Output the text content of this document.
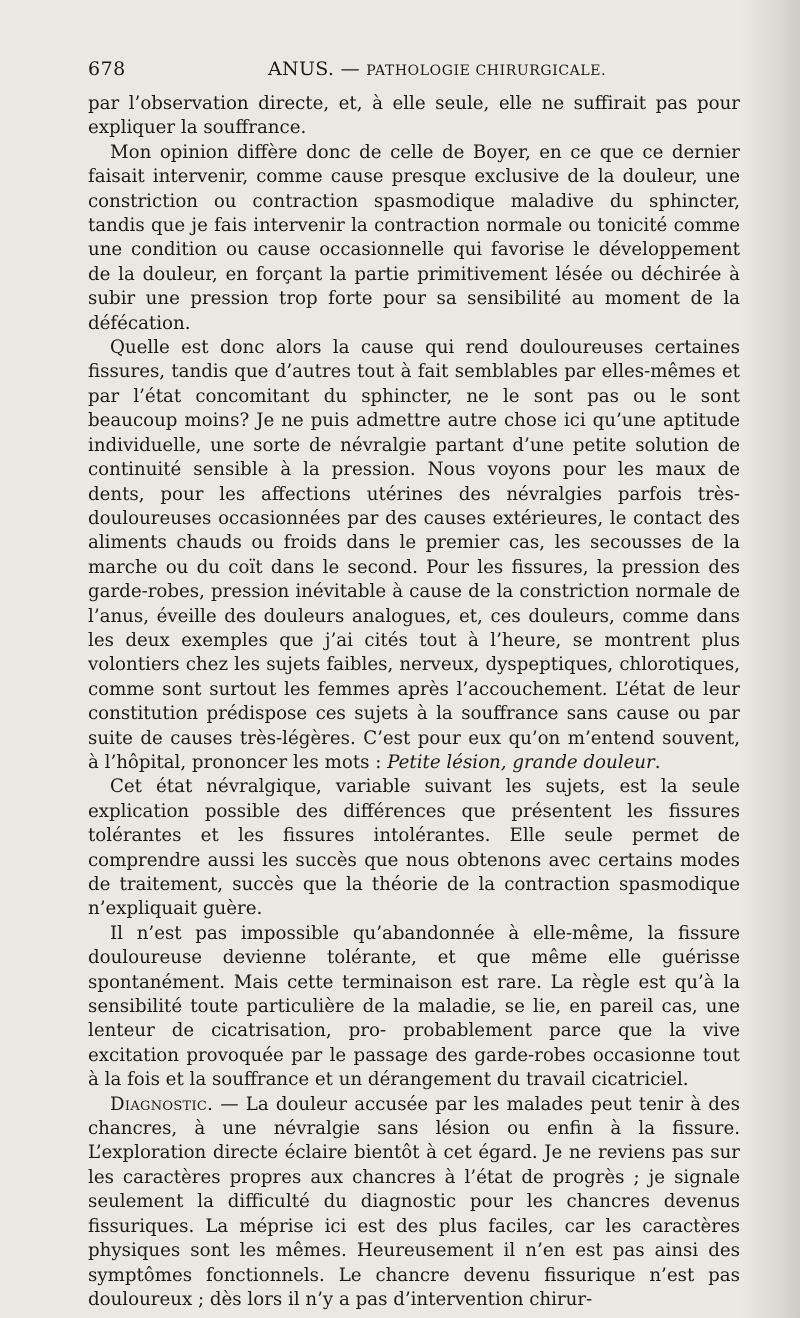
678	ANUS. — PATHOLOGIE CHIRURGICALE.

par l’observation directe, et, à elle seule, elle ne suffirait pas pour expliquer la souffrance.

Mon opinion diffère donc de celle de Boyer, en ce que ce dernier faisait intervenir, comme cause presque exclusive de la douleur, une constriction ou contraction spasmodique maladive du sphincter, tandis que je fais intervenir la contraction normale ou tonicité comme une condition ou cause occasionnelle qui favorise le développement de la douleur, en forçant la partie primitivement lésée ou déchirée à subir une pression trop forte pour sa sensibilité au moment de la défécation.

Quelle est donc alors la cause qui rend douloureuses certaines fissures, tandis que d’autres tout à fait semblables par elles-mêmes et par l’état concomitant du sphincter, ne le sont pas ou le sont beaucoup moins? Je ne puis admettre autre chose ici qu’une aptitude individuelle, une sorte de névralgie partant d’une petite solution de continuité sensible à la pression. Nous voyons pour les maux de dents, pour les affections utérines des névralgies parfois très-douloureuses occasionnées par des causes extérieures, le contact des aliments chauds ou froids dans le premier cas, les secousses de la marche ou du coït dans le second. Pour les fissures, la pression des garde-robes, pression inévitable à cause de la constriction normale de l’anus, éveille des douleurs analogues, et, ces douleurs, comme dans les deux exemples que j’ai cités tout à l’heure, se montrent plus volontiers chez les sujets faibles, nerveux, dyspeptiques, chlorotiques, comme sont surtout les femmes après l’accouchement. L’état de leur constitution prédispose ces sujets à la souffrance sans cause ou par suite de causes très-légères. C’est pour eux qu’on m’entend souvent, à l’hôpital, prononcer les mots : Petite lésion, grande douleur.

Cet état névralgique, variable suivant les sujets, est la seule explication possible des différences que présentent les fissures tolérantes et les fissures intolérantes. Elle seule permet de comprendre aussi les succès que nous obtenons avec certains modes de traitement, succès que la théorie de la contraction spasmodique n’expliquait guère.

Il n’est pas impossible qu’abandonnée à elle-même, la fissure douloureuse devienne tolérante, et que même elle guérisse spontanément. Mais cette terminaison est rare. La règle est qu’à la sensibilité toute particulière de la maladie, se lie, en pareil cas, une lenteur de cicatrisation, pro- probablement parce que la vive excitation provoquée par le passage des garde-robes occasionne tout à la fois et la souffrance et un dérangement du travail cicatriciel.

Diagnostic. — La douleur accusée par les malades peut tenir à des chancres, à une névralgie sans lésion ou enfin à la fissure. L’exploration directe éclaire bientôt à cet égard. Je ne reviens pas sur les caractères propres aux chancres à l’état de progrès ; je signale seulement la difficulté du diagnostic pour les chancres devenus fissuriques. La méprise ici est des plus faciles, car les caractères physiques sont les mêmes. Heureusement il n’en est pas ainsi des symptômes fonctionnels. Le chancre devenu fissurique n’est pas douloureux ; dès lors il n’y a pas d’intervention chirur-
